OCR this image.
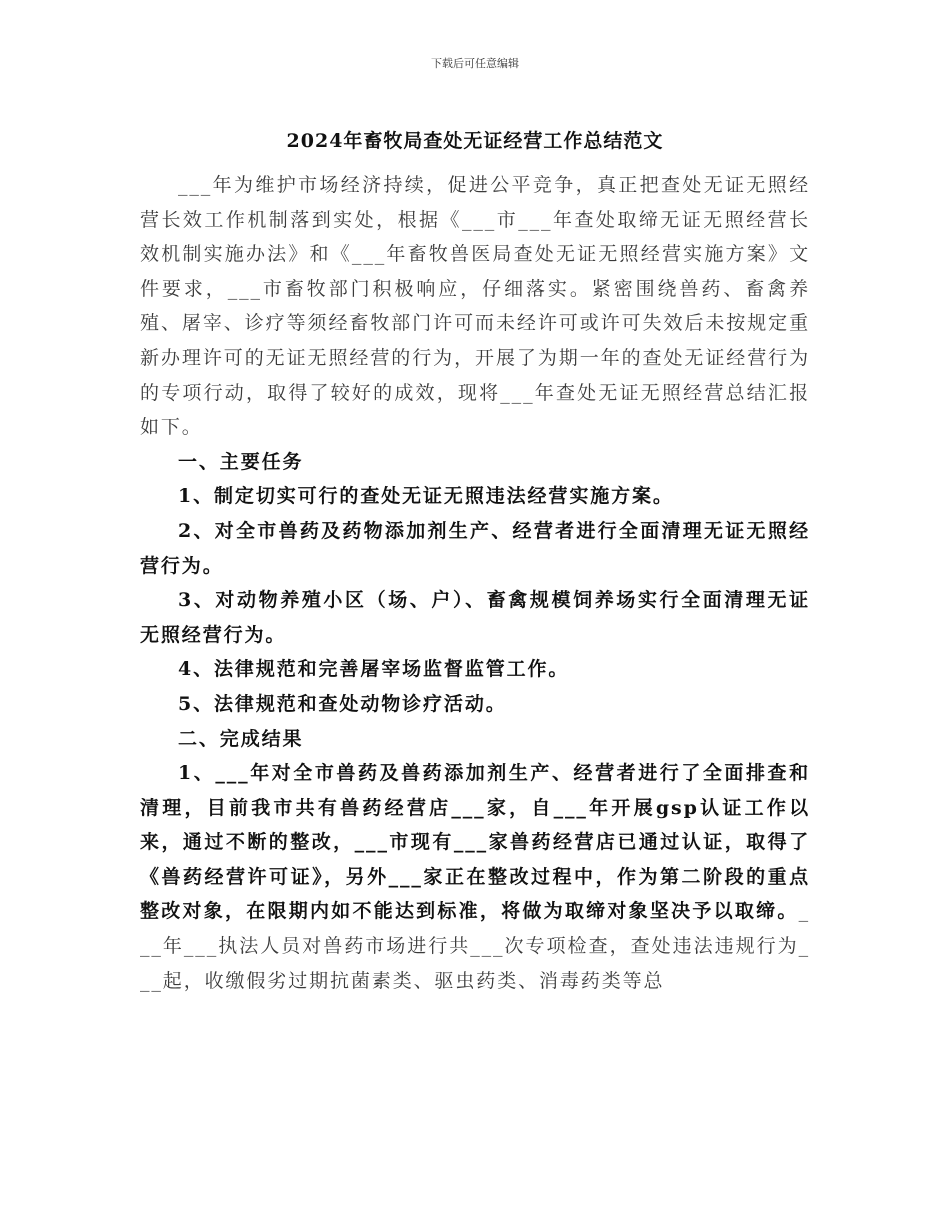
下载后可任意编辑
2024年畜牧局查处无证经营工作总结范文

___年为维护市场经济持续，促进公平竞争，真正把查处无证无照经营长效工作机制落到实处，根据《___市___年查处取缔无证无照经营长效机制实施办法》和《___年畜牧兽医局查处无证无照经营实施方案》文件要求，___市畜牧部门积极响应，仔细落实。紧密围绕兽药、畜禽养殖、屠宰、诊疗等须经畜牧部门许可而未经许可或许可失效后未按规定重新办理许可的无证无照经营的行为，开展了为期一年的查处无证经营行为的专项行动，取得了较好的成效，现将___年查处无证无照经营总结汇报如下。

一、主要任务

1、制定切实可行的查处无证无照违法经营实施方案。

2、对全市兽药及药物添加剂生产、经营者进行全面清理无证无照经营行为。

3、对动物养殖小区（场、户）、畜禽规模饲养场实行全面清理无证无照经营行为。

4、法律规范和完善屠宰场监督监管工作。

5、法律规范和查处动物诊疗活动。

二、完成结果

1、___年对全市兽药及兽药添加剂生产、经营者进行了全面排查和清理，目前我市共有兽药经营店___家，自___年开展gsp认证工作以来，通过不断的整改，___市现有___家兽药经营店已通过认证，取得了《兽药经营许可证》，另外___家正在整改过程中，作为第二阶段的重点整改对象，在限期内如不能达到标准，将做为取缔对象坚决予以取缔。___年___执法人员对兽药市场进行共___次专项检查，查处违法违规行为___起，收缴假劣过期抗菌素类、驱虫药类、消毒药类等总
